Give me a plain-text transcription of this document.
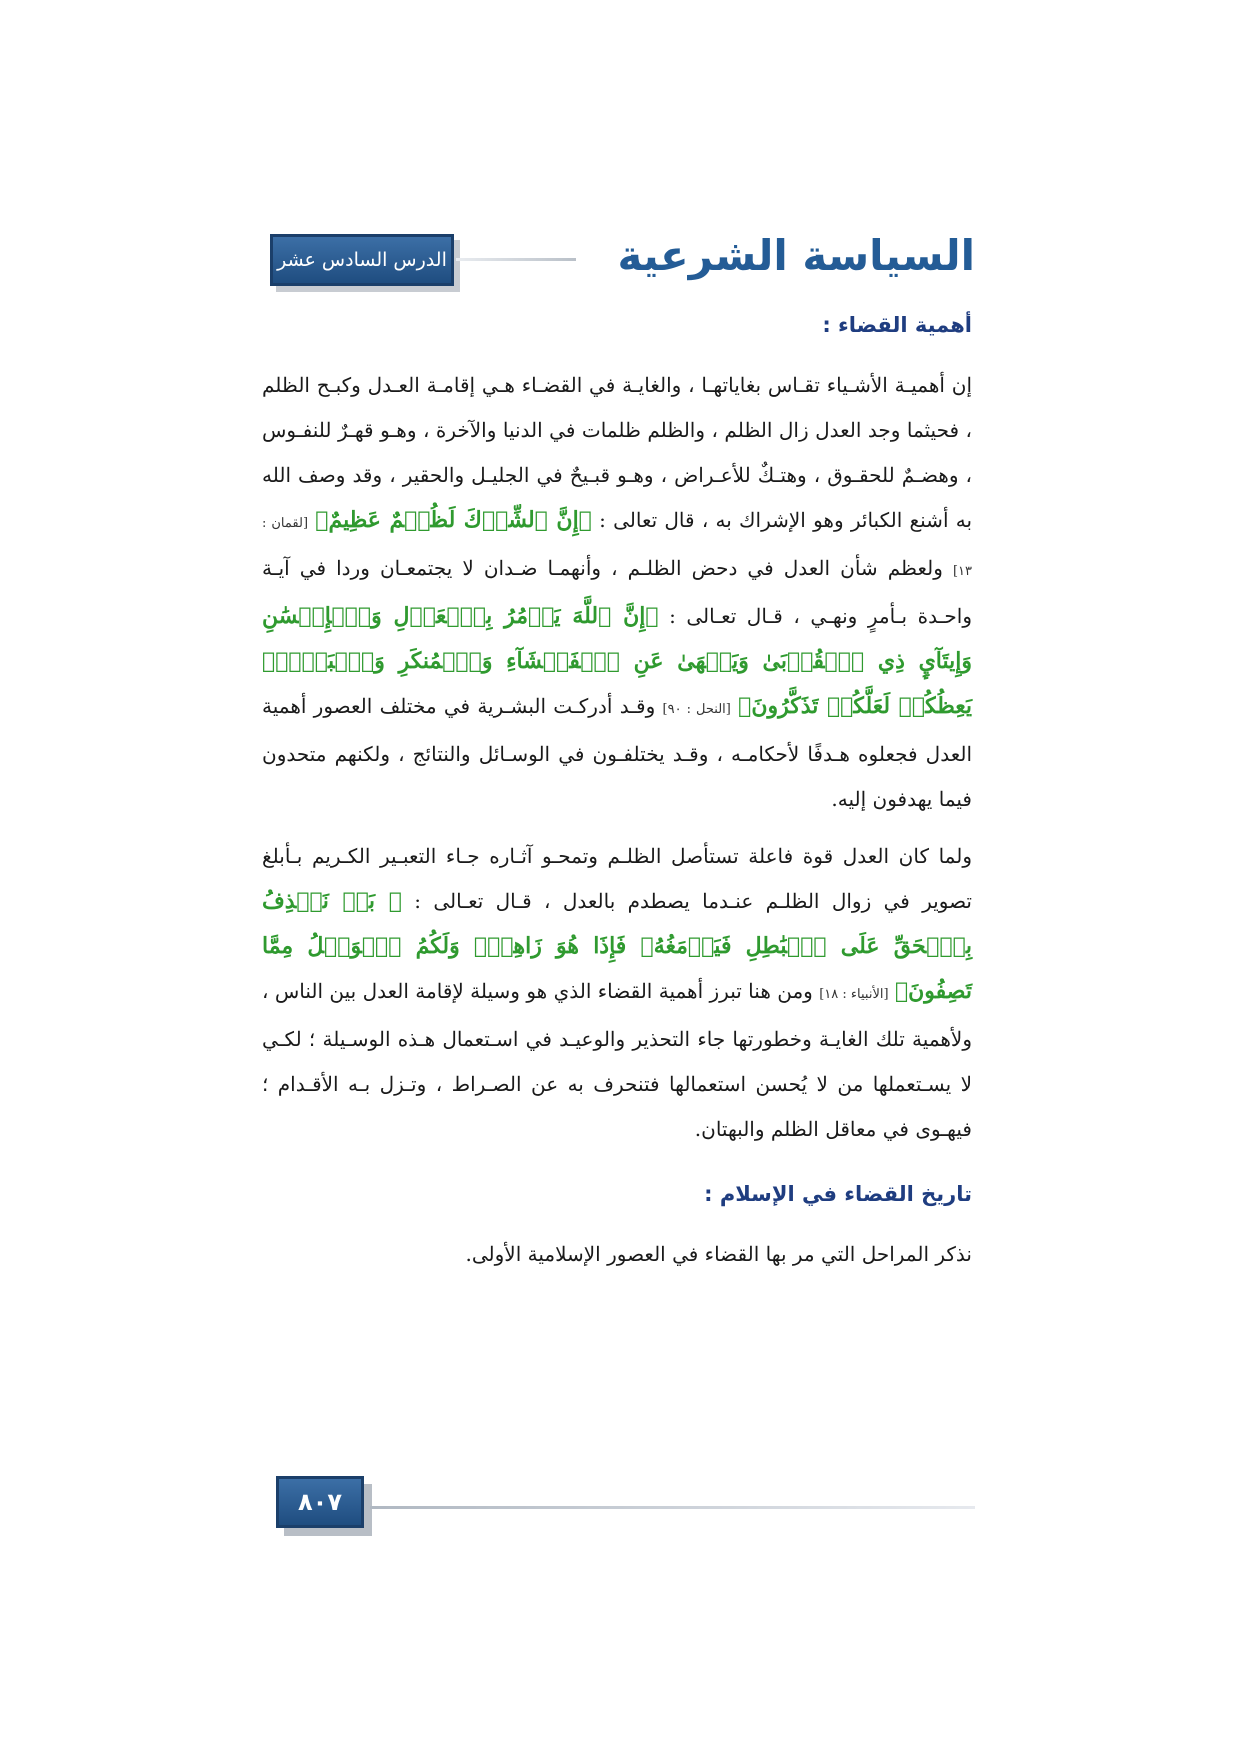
الدرس السادس عشر	السياسة الشرعية
أهمية القضاء :

إن أهميـة الأشـياء تقـاس بغاياتهـا ، والغايـة في القضـاء هـي إقامـة العـدل وكبـح الظلم ، فحيثما وجد العدل زال الظلم ، والظلم ظلمات في الدنيا والآخرة ، وهـو قهـرٌ للنفـوس ، وهضـمٌ للحقـوق ، وهتـكٌ للأعـراض ، وهـو قبـيحٌ في الجليـل والحقير ، وقد وصف الله به أشنع الكبائر وهو الإشراك به ، قال تعالى : ﴿إِنَّ ٱلشِّرۡكَ لَظُلۡمٌ عَظِيمٌ﴾ [لقمان : ١٣] ولعظم شأن العدل في دحض الظلـم ، وأنهمـا ضـدان لا يجتمعـان وردا في آيـة واحـدة بـأمرٍ ونهـي ، قـال تعـالى : ﴿إِنَّ ٱللَّهَ يَأۡمُرُ بِٱلۡعَدۡلِ وَٱلۡإِحۡسَٰنِ وَإِيتَآيِٕ ذِي ٱلۡقُرۡبَىٰ وَيَنۡهَىٰ عَنِ ٱلۡفَحۡشَآءِ وَٱلۡمُنكَرِ وَٱلۡبَغۡيِۚ يَعِظُكُمۡ لَعَلَّكُمۡ تَذَكَّرُونَ﴾ [النحل : ٩٠] وقـد أدركـت البشـرية في مختلف العصور أهمية العدل فجعلوه هـدفًا لأحكامـه ، وقـد يختلفـون في الوسـائل والنتائج ، ولكنهم متحدون فيما يهدفون إليه.

ولما كان العدل قوة فاعلة تستأصل الظلـم وتمحـو آثـاره جـاء التعبـير الكـريم بـأبلغ تصوير في زوال الظلـم عنـدما يصطدم بالعدل ، قـال تعـالى : ﴿ بَلۡ نَقۡذِفُ بِٱلۡحَقِّ عَلَى ٱلۡبَٰطِلِ فَيَدۡمَغُهُۥ فَإِذَا هُوَ زَاهِقٌۚ وَلَكُمُ ٱلۡوَيۡلُ مِمَّا تَصِفُونَ﴾ [الأنبياء : ١٨] ومن هنا تبرز أهمية القضاء الذي هو وسيلة لإقامة العدل بين الناس ، ولأهمية تلك الغايـة وخطورتها جاء التحذير والوعيـد في اسـتعمال هـذه الوسـيلة ؛ لكـي لا يسـتعملها من لا يُحسن استعمالها فتنحرف به عن الصـراط ، وتـزل بـه الأقـدام ؛ فيهـوى في معاقل الظلم والبهتان.

تاريخ القضاء في الإسلام :

نذكر المراحل التي مر بها القضاء في العصور الإسلامية الأولى.

٨٠٧
